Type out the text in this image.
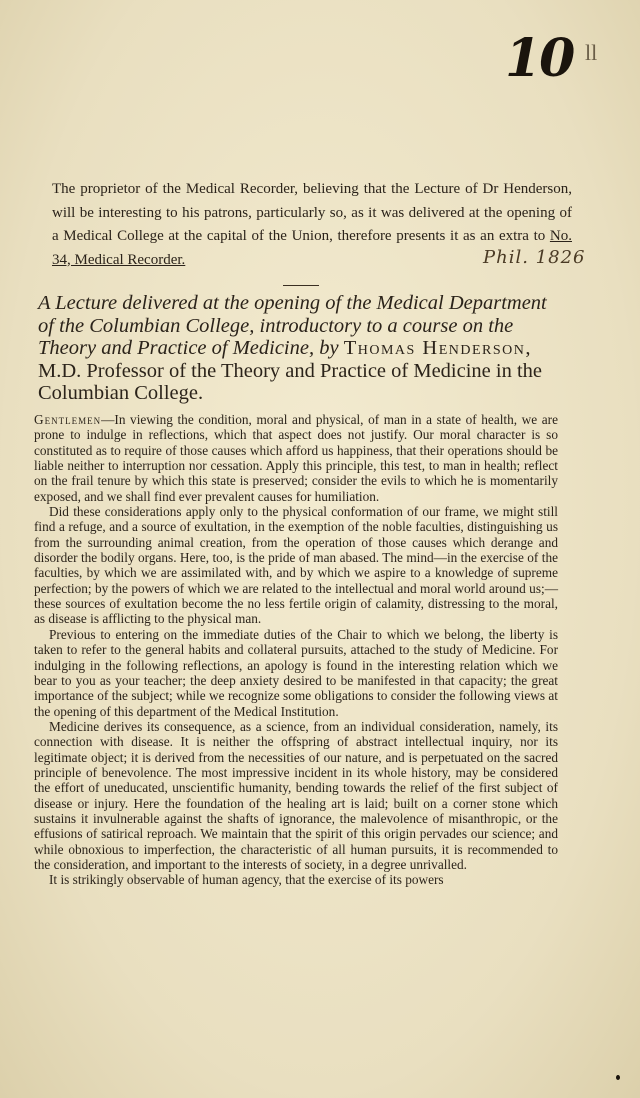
10 ll

The proprietor of the Medical Recorder, believing that the Lecture of Dr Henderson, will be interesting to his patrons, particularly so, as it was delivered at the opening of a Medical College at the capital of the Union, therefore presents it as an extra to No. 34, Medical Recorder.	Phil. 1826
A Lecture delivered at the opening of the Medical Department of the Columbian College, introductory to a course on the Theory and Practice of Medicine, by Thomas Henderson, M.D. Professor of the Theory and Practice of Medicine in the Columbian College.

Gentlemen—In viewing the condition, moral and physical, of man in a state of health, we are prone to indulge in reflections, which that aspect does not justify. Our moral character is so constituted as to require of those causes which afford us happiness, that their operations should be liable neither to interruption nor cessation. Apply this principle, this test, to man in health; reflect on the frail tenure by which this state is preserved; consider the evils to which he is momentarily exposed, and we shall find ever prevalent causes for humiliation.

Did these considerations apply only to the physical conformation of our frame, we might still find a refuge, and a source of exultation, in the exemption of the noble faculties, distinguishing us from the surrounding animal creation, from the operation of those causes which derange and disorder the bodily organs. Here, too, is the pride of man abased. The mind—in the exercise of the faculties, by which we are assimilated with, and by which we aspire to a knowledge of supreme perfection; by the powers of which we are related to the intellectual and moral world around us;—these sources of exultation become the no less fertile origin of calamity, distressing to the moral, as disease is afflicting to the physical man.

Previous to entering on the immediate duties of the Chair to which we belong, the liberty is taken to refer to the general habits and collateral pursuits, attached to the study of Medicine. For indulging in the following reflections, an apology is found in the interesting relation which we bear to you as your teacher; the deep anxiety desired to be manifested in that capacity; the great importance of the subject; while we recognize some obligations to consider the following views at the opening of this department of the Medical Institution.

Medicine derives its consequence, as a science, from an individual consideration, namely, its connection with disease. It is neither the offspring of abstract intellectual inquiry, nor its legitimate object; it is derived from the necessities of our nature, and is perpetuated on the sacred principle of benevolence. The most impressive incident in its whole history, may be considered the effort of uneducated, unscientific humanity, bending towards the relief of the first subject of disease or injury. Here the foundation of the healing art is laid; built on a corner stone which sustains it invulnerable against the shafts of ignorance, the malevolence of misanthropic, or the effusions of satirical reproach. We maintain that the spirit of this origin pervades our science; and while obnoxious to imperfection, the characteristic of all human pursuits, it is recommended to the consideration, and important to the interests of society, in a degree unrivalled.

It is strikingly observable of human agency, that the exercise of its powers
